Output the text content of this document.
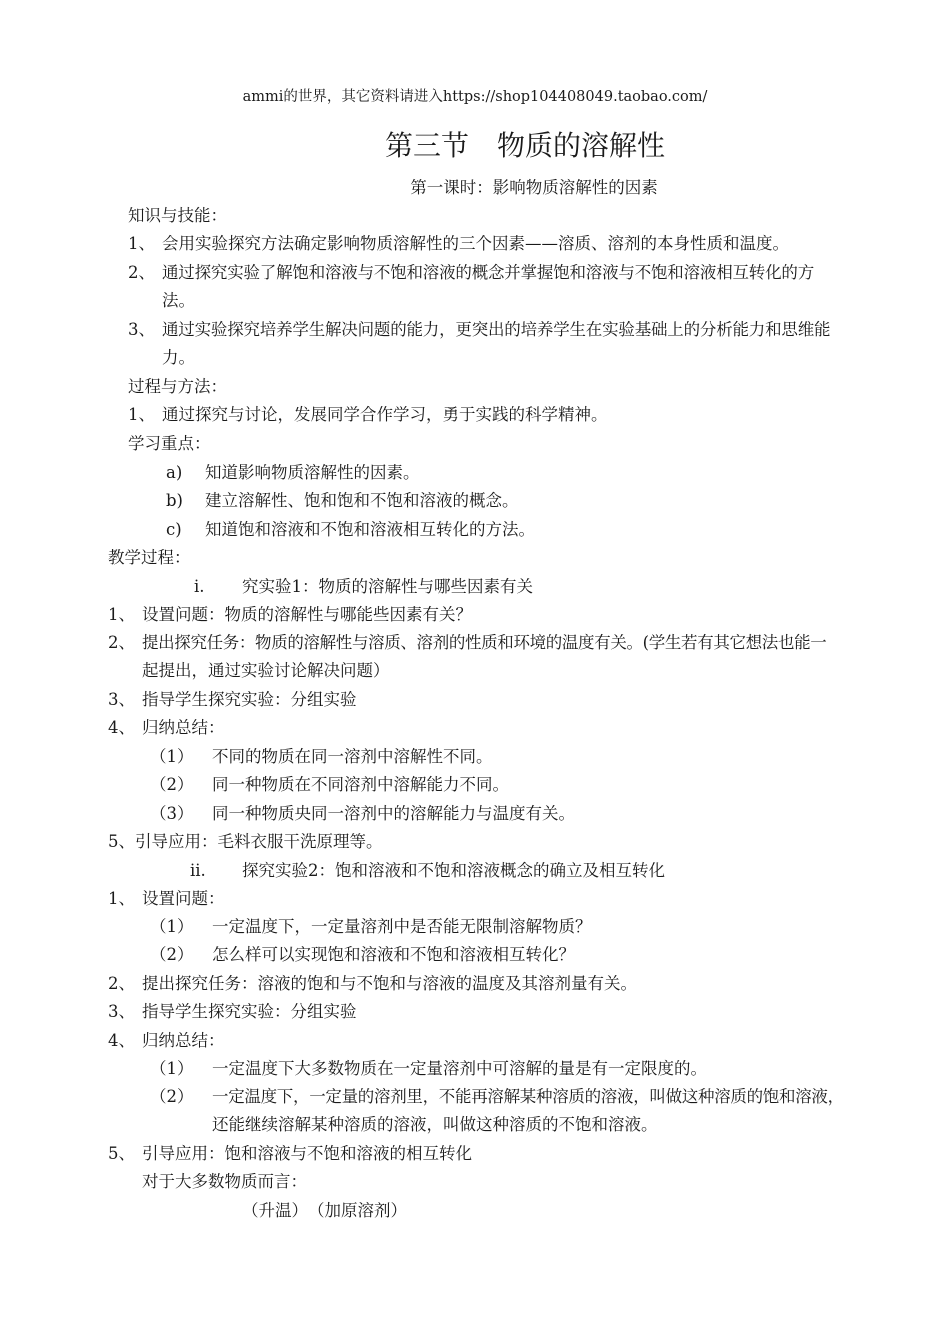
ammi的世界，其它资料请进入https://shop104408049.taobao.com/
第三节　物质的溶解性
第一课时：影响物质溶解性的因素
知识与技能：
1、 会用实验探究方法确定影响物质溶解性的三个因素——溶质、溶剂的本身性质和温度。
2、 通过探究实验了解饱和溶液与不饱和溶液的概念并掌握饱和溶液与不饱和溶液相互转化的方
法。
3、 通过实验探究培养学生解决问题的能力，更突出的培养学生在实验基础上的分析能力和思维能
力。
过程与方法：
1、 通过探究与讨论，发展同学合作学习，勇于实践的科学精神。
学习重点：
a) 知道影响物质溶解性的因素。
b) 建立溶解性、饱和饱和不饱和溶液的概念。
c) 知道饱和溶液和不饱和溶液相互转化的方法。
教学过程：
i. 究实验1：物质的溶解性与哪些因素有关
1、 设置问题：物质的溶解性与哪能些因素有关？
2、 提出探究任务：物质的溶解性与溶质、溶剂的性质和环境的温度有关。(学生若有其它想法也能一
起提出，通过实验讨论解决问题）
3、 指导学生探究实验：分组实验
4、 归纳总结：
（1） 不同的物质在同一溶剂中溶解性不同。
（2） 同一种物质在不同溶剂中溶解能力不同。
（3） 同一种物质央同一溶剂中的溶解能力与温度有关。
5、引导应用：毛料衣服干洗原理等。
ii. 探究实验2：饱和溶液和不饱和溶液概念的确立及相互转化
1、 设置问题：
（1） 一定温度下，一定量溶剂中是否能无限制溶解物质？
（2） 怎么样可以实现饱和溶液和不饱和溶液相互转化？
2、 提出探究任务：溶液的饱和与不饱和与溶液的温度及其溶剂量有关。
3、 指导学生探究实验：分组实验
4、 归纳总结：
（1） 一定温度下大多数物质在一定量溶剂中可溶解的量是有一定限度的。
（2） 一定温度下，一定量的溶剂里，不能再溶解某种溶质的溶液，叫做这种溶质的饱和溶液，
还能继续溶解某种溶质的溶液，叫做这种溶质的不饱和溶液。
5、 引导应用：饱和溶液与不饱和溶液的相互转化
对于大多数物质而言：
（升温）　（加原溶剂）
